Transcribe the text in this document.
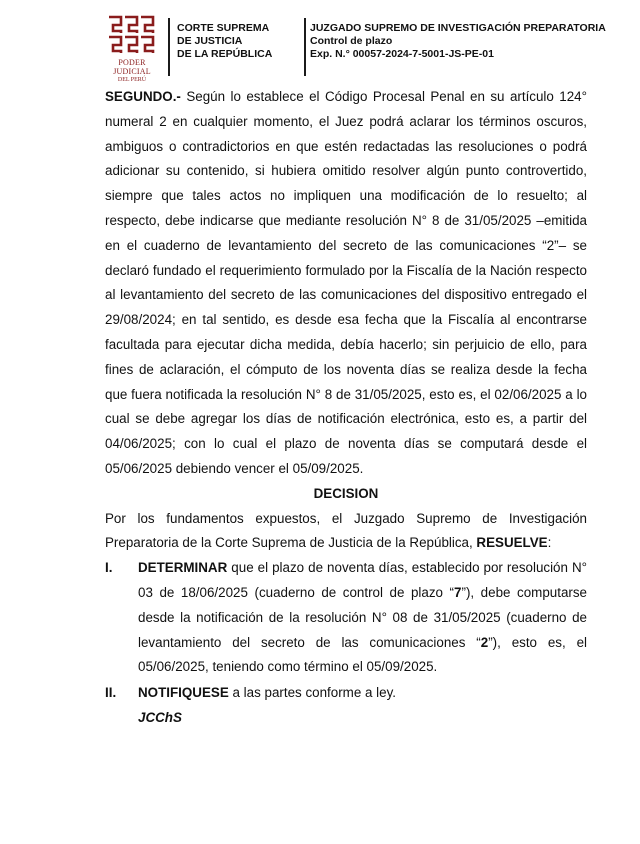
PODER JUDICIAL
DEL PERÚ
CORTE SUPREMA
DE JUSTICIA
DE LA REPÚBLICA
JUZGADO SUPREMO DE INVESTIGACIÓN PREPARATORIA
Control de plazo
Exp. N.° 00057-2024-7-5001-JS-PE-01

SEGUNDO.- Según lo establece el Código Procesal Penal en su artículo 124° numeral 2 en cualquier momento, el Juez podrá aclarar los términos oscuros, ambiguos o contradictorios en que estén redactadas las resoluciones o podrá adicionar su contenido, si hubiera omitido resolver algún punto controvertido, siempre que tales actos no impliquen una modificación de lo resuelto; al respecto, debe indicarse que mediante resolución N° 8 de 31/05/2025 –emitida en el cuaderno de levantamiento del secreto de las comunicaciones “2”– se declaró fundado el requerimiento formulado por la Fiscalía de la Nación respecto al levantamiento del secreto de las comunicaciones del dispositivo entregado el 29/08/2024; en tal sentido, es desde esa fecha que la Fiscalía al encontrarse facultada para ejecutar dicha medida, debía hacerlo; sin perjuicio de ello, para fines de aclaración, el cómputo de los noventa días se realiza desde la fecha que fuera notificada la resolución N° 8 de 31/05/2025, esto es, el 02/06/2025 a lo cual se debe agregar los días de notificación electrónica, esto es, a partir del 04/06/2025; con lo cual el plazo de noventa días se computará desde el 05/06/2025 debiendo vencer el 05/09/2025.

DECISION

Por los fundamentos expuestos, el Juzgado Supremo de Investigación Preparatoria de la Corte Suprema de Justicia de la República, RESUELVE:

I. DETERMINAR que el plazo de noventa días, establecido por resolución N° 03 de 18/06/2025 (cuaderno de control de plazo “7”), debe computarse desde la notificación de la resolución N° 08 de 31/05/2025 (cuaderno de levantamiento del secreto de las comunicaciones “2”), esto es, el 05/06/2025, teniendo como término el 05/09/2025.
II. NOTIFIQUESE a las partes conforme a ley.
JCChS
